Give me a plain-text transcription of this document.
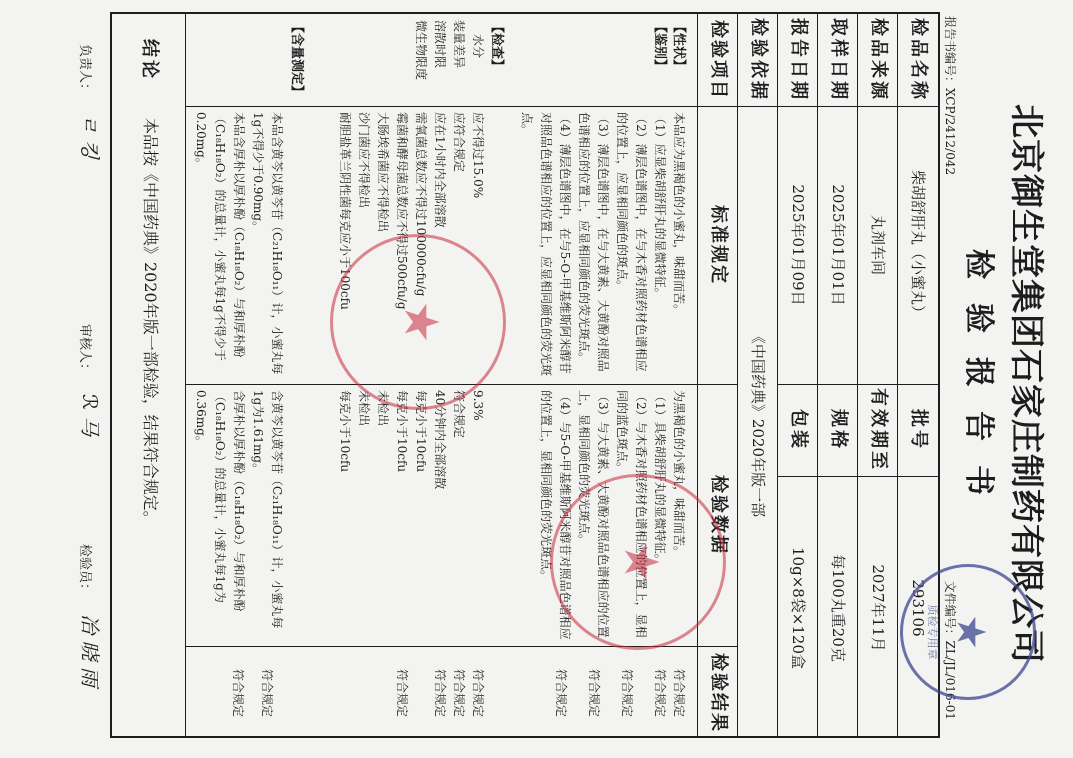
北京御生堂集团石家庄制药有限公司
检验报告书
报告书编号：XCP/2412/042
文件编号：ZL/JL/016-01
检品名称
柴胡舒肝丸（小蜜丸）
批号
293106
检品来源
丸剂车间
有效期至
2027年11月
取样日期
2025年01月01日
规格
每100丸重20克
报告日期
2025年01月09日
包装
10g×8袋×120盒
检验依据
《中国药典》2020年版一部
检验项目
标准规定
检验数据
检验结果
【性状】
【鉴别】
【检查】
水分
装量差异
溶散时限
微生物限度
【含量测定】
本品应为黑褐色的小蜜丸，味甜而苦。
（1）应显柴胡舒肝丸的显微特征。
（2）薄层色谱图中，在与木香对照药材色谱相应的位置上，应显相同颜色的斑点。
（3）薄层色谱图中，在与大黄素、大黄酚对照品色谱相应的位置上，应显相同颜色的荧光斑点。
（4）薄层色谱图中，在与5-O-甲基维斯阿米醇苷对照品色谱相应的位置上，应显相同颜色的荧光斑点。
应不得过15.0%
应符合规定
应在1小时内全部溶散
需氧菌总数应不得过100000cfu/g
霉菌和酵母菌总数应不得过500cfu/g
大肠埃希菌应不得检出
沙门菌应不得检出
耐胆盐革兰阴性菌每克应小于100cfu
本品含黄芩以黄芩苷（C₂₁H₁₈O₁₁）计，小蜜丸每1g不得少于0.90mg。
本品含厚朴以厚朴酚（C₁₈H₁₈O₂）与和厚朴酚（C₁₈H₁₈O₂）的总量计，小蜜丸每1g不得少于0.20mg。
为黑褐色的小蜜丸，味甜而苦。
（1）具柴胡舒肝丸的显微特征。
（2）与木香对照药材色谱相应的位置上，显相同的蓝色斑点。
（3）与大黄素、大黄酚对照品色谱相应的位置上，显相同颜色的荧光斑点。
（4）与5-O-甲基维斯阿米醇苷对照品色谱相应的位置上，显相同颜色的荧光斑点。
9.3%
符合规定
40分钟内全部溶散
每克小于10cfu
每克小于10cfu
未检出
未检出
每克小于10cfu
含黄芩以黄芩苷（C₂₁H₁₈O₁₁）计，小蜜丸每1g为1.61mg。
含厚朴以厚朴酚（C₁₈H₁₈O₂）与和厚朴酚（C₁₈H₁₈O₂）的总量计，小蜜丸每1g为0.36mg。
符合规定
符合规定
符合规定
符合规定
符合规定
符合规定
符合规定
符合规定
符合规定
符合规定
符合规定
结论
本品按《中国药典》2020年版一部检验，结果符合规定。
负责人：
ㄹ 킹
审核人：
ℛ 马
检验员：
冶 晓 雨	★
质检专用章
★
★
